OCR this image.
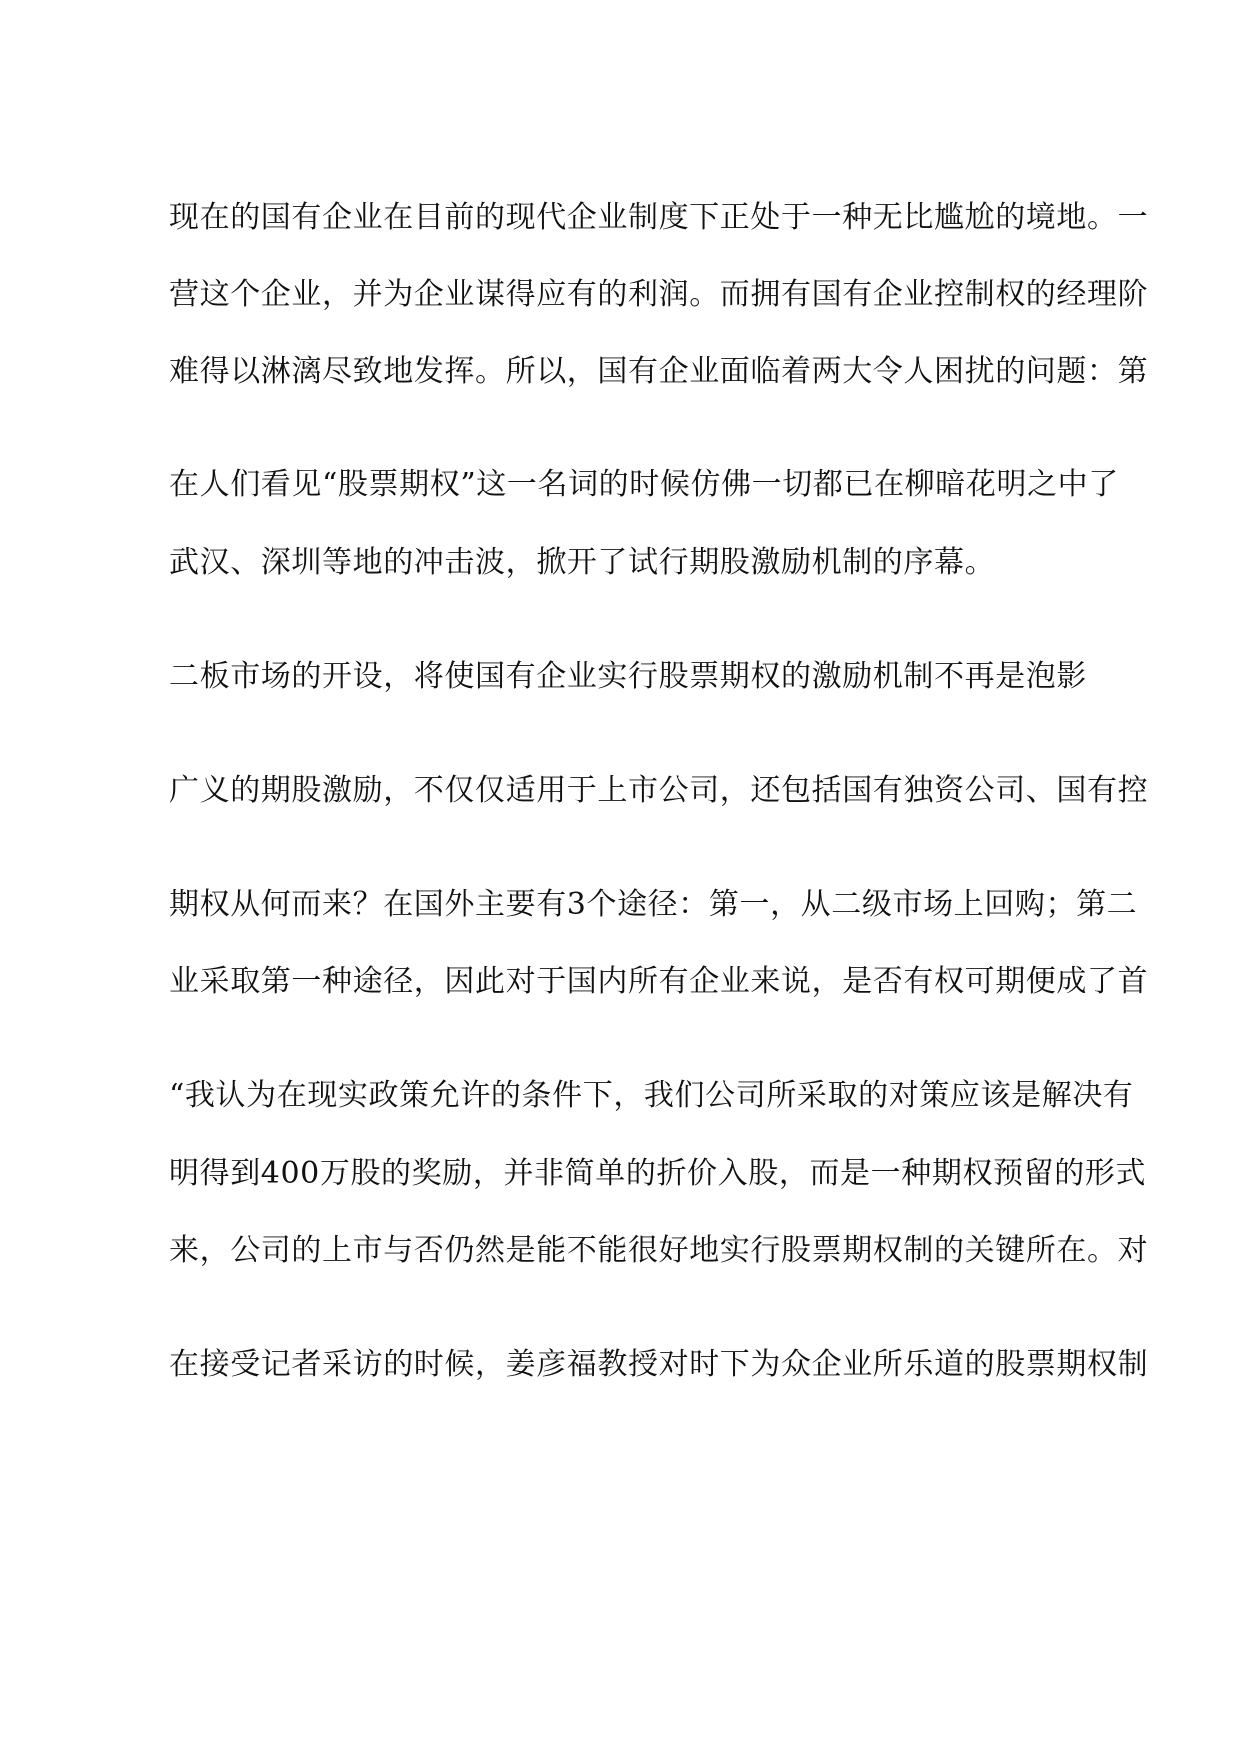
现在的国有企业在目前的现代企业制度下正处于一种无比尴尬的境地。一
营这个企业，并为企业谋得应有的利润。而拥有国有企业控制权的经理阶
难得以淋漓尽致地发挥。所以，国有企业面临着两大令人困扰的问题：第
在人们看见“股票期权”这一名词的时候仿佛一切都已在柳暗花明之中了
武汉、深圳等地的冲击波，掀开了试行期股激励机制的序幕。
二板市场的开设，将使国有企业实行股票期权的激励机制不再是泡影
广义的期股激励，不仅仅适用于上市公司，还包括国有独资公司、国有控
期权从何而来？在国外主要有3个途径：第一，从二级市场上回购；第二
业采取第一种途径，因此对于国内所有企业来说，是否有权可期便成了首
“我认为在现实政策允许的条件下，我们公司所采取的对策应该是解决有
明得到400万股的奖励，并非简单的折价入股，而是一种期权预留的形式
来，公司的上市与否仍然是能不能很好地实行股票期权制的关键所在。对
在接受记者采访的时候，姜彦福教授对时下为众企业所乐道的股票期权制
